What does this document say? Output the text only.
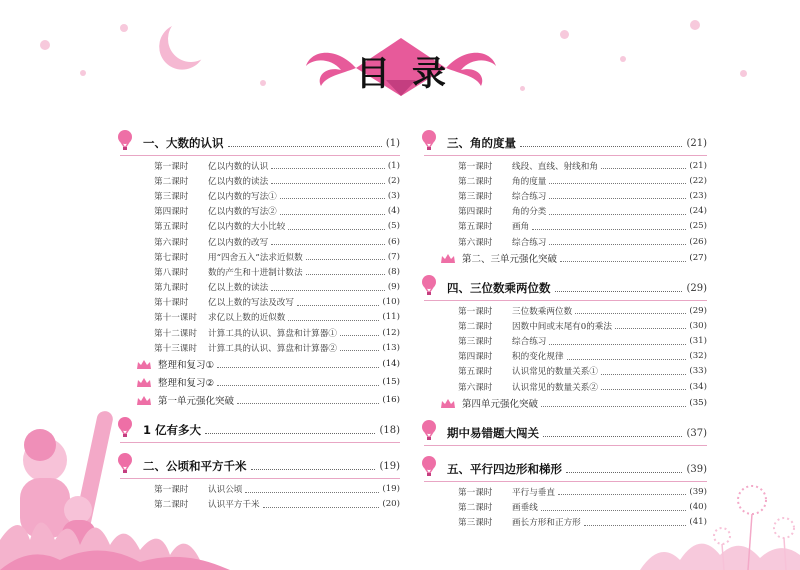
目录
一、大数的认识	(1)
第一课时	亿以内数的认识	(1)
第二课时	亿以内数的读法	(2)
第三课时	亿以内数的写法①	(3)
第四课时	亿以内数的写法②	(4)
第五课时	亿以内数的大小比较	(5)
第六课时	亿以内数的改写	(6)
第七课时	用“四舍五入”法求近似数	(7)
第八课时	数的产生和十进制计数法	(8)
第九课时	亿以上数的读法	(9)
第十课时	亿以上数的写法及改写	(10)
第十一课时	求亿以上数的近似数	(11)
第十二课时	计算工具的认识、算盘和计算器①	(12)
第十三课时	计算工具的认识、算盘和计算器②	(13)
整理和复习①	(14)
整理和复习②	(15)
第一单元强化突破	(16)
1 亿有多大	(18)
二、公顷和平方千米	(19)
第一课时	认识公顷	(19)
第二课时	认识平方千米	(20)
三、角的度量	(21)
第一课时	线段、直线、射线和角	(21)
第二课时	角的度量	(22)
第三课时	综合练习	(23)
第四课时	角的分类	(24)
第五课时	画角	(25)
第六课时	综合练习	(26)
第二、三单元强化突破	(27)
四、三位数乘两位数	(29)
第一课时	三位数乘两位数	(29)
第二课时	因数中间或末尾有0的乘法	(30)
第三课时	综合练习	(31)
第四课时	积的变化规律	(32)
第五课时	认识常见的数量关系①	(33)
第六课时	认识常见的数量关系②	(34)
第四单元强化突破	(35)
期中易错题大闯关	(37)
五、平行四边形和梯形	(39)
第一课时	平行与垂直	(39)
第二课时	画垂线	(40)
第三课时	画长方形和正方形	(41)
